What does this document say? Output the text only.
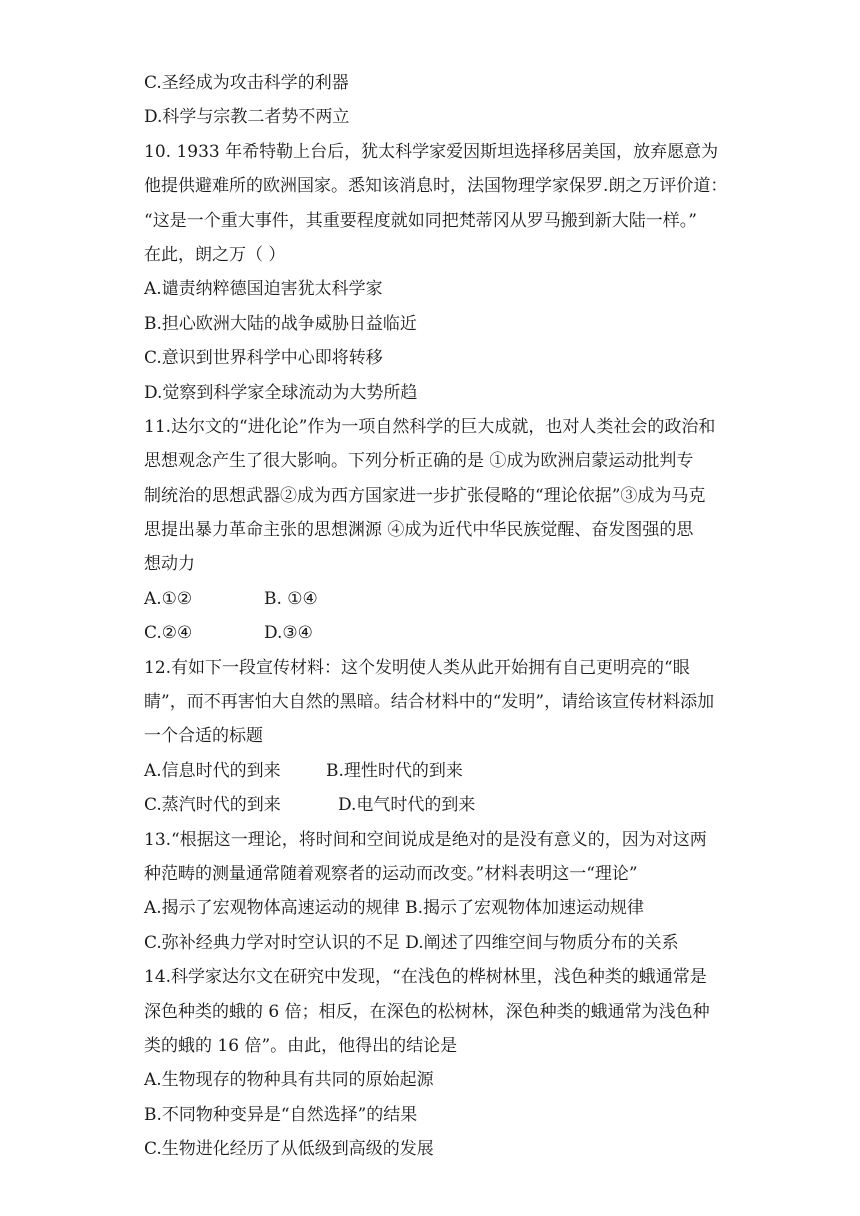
C.圣经成为攻击科学的利器
D.科学与宗教二者势不两立
10. 1933 年希特勒上台后，犹太科学家爱因斯坦选择移居美国，放弃愿意为
他提供避难所的欧洲国家。悉知该消息时，法国物理学家保罗.朗之万评价道：
“这是一个重大事件，其重要程度就如同把梵蒂冈从罗马搬到新大陆一样。”
在此，朗之万（ ）
A.谴责纳粹德国迫害犹太科学家
B.担心欧洲大陆的战争威胁日益临近
C.意识到世界科学中心即将转移
D.觉察到科学家全球流动为大势所趋
11.达尔文的“进化论”作为一项自然科学的巨大成就，也对人类社会的政治和
思想观念产生了很大影响。下列分析正确的是 ①成为欧洲启蒙运动批判专
制统治的思想武器②成为西方国家进一步扩张侵略的“理论依据”③成为马克
思提出暴力革命主张的思想渊源 ④成为近代中华民族觉醒、奋发图强的思
想动力
A.①②	B. ①④
C.②④	D.③④
12.有如下一段宣传材料：这个发明使人类从此开始拥有自己更明亮的“眼
睛”，而不再害怕大自然的黑暗。结合材料中的“发明”，请给该宣传材料添加
一个合适的标题
A.信息时代的到来	B.理性时代的到来
C.蒸汽时代的到来	D.电气时代的到来
13.“根据这一理论，将时间和空间说成是绝对的是没有意义的，因为对这两
种范畴的测量通常随着观察者的运动而改变。”材料表明这一“理论”
A.揭示了宏观物体高速运动的规律 B.揭示了宏观物体加速运动规律
C.弥补经典力学对时空认识的不足 D.阐述了四维空间与物质分布的关系
14.科学家达尔文在研究中发现，“在浅色的桦树林里，浅色种类的蛾通常是
深色种类的蛾的 6 倍；相反，在深色的松树林，深色种类的蛾通常为浅色种
类的蛾的 16 倍”。由此，他得出的结论是
A.生物现存的物种具有共同的原始起源
B.不同物种变异是“自然选择”的结果
C.生物进化经历了从低级到高级的发展
